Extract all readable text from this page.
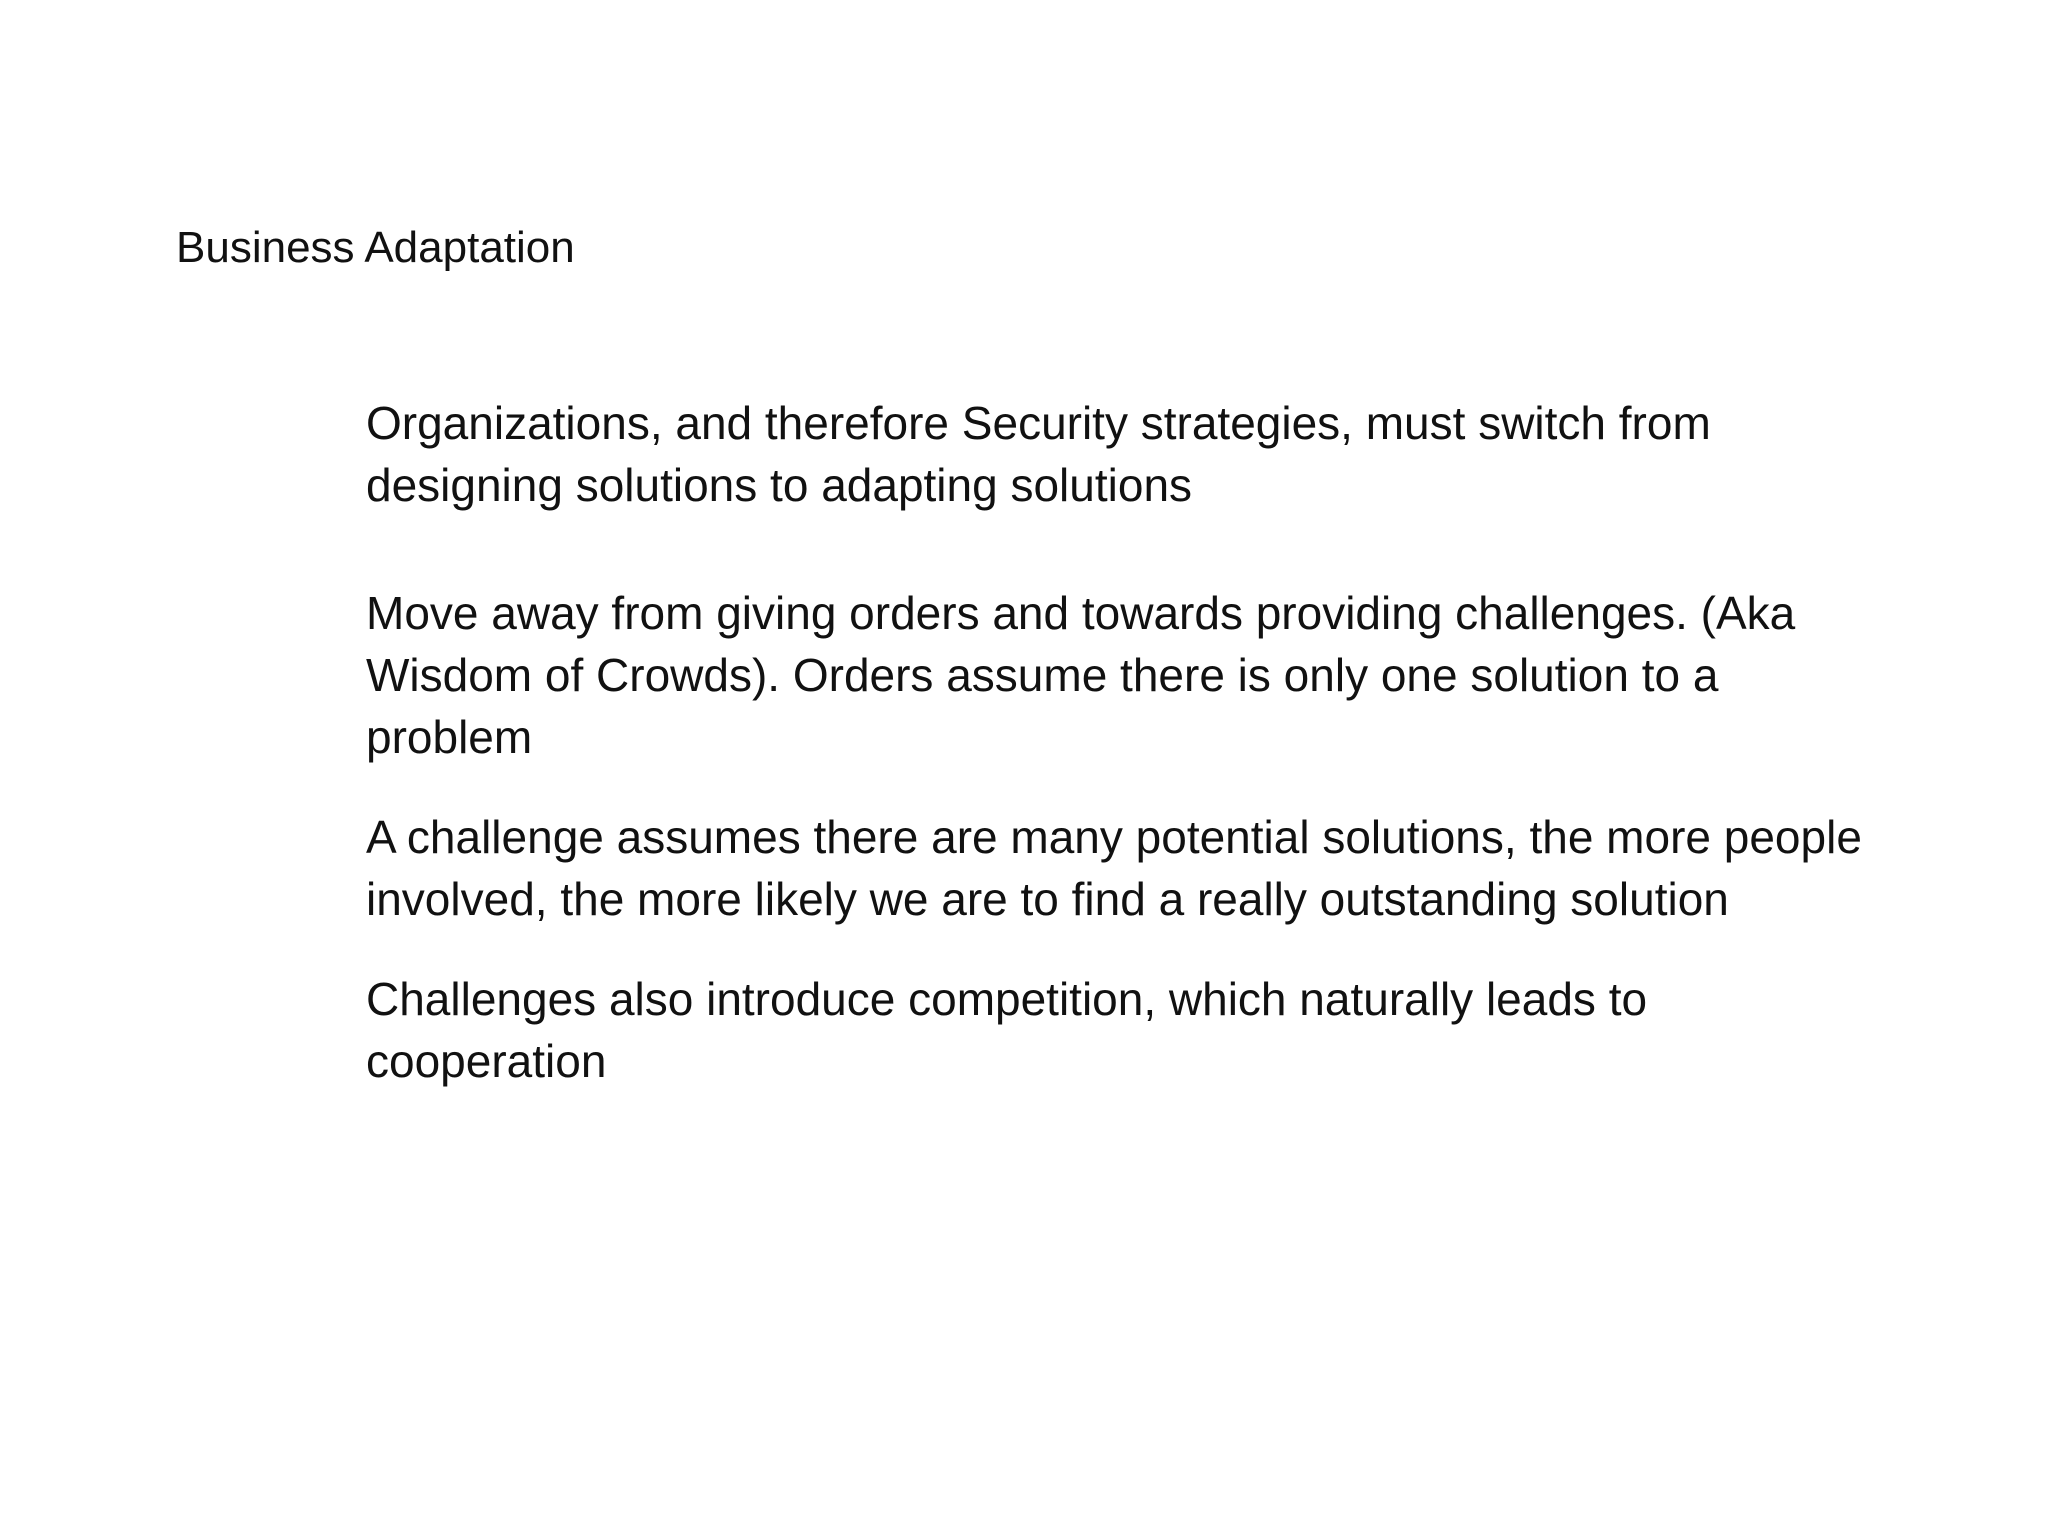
Business Adaptation

Organizations, and therefore Security strategies, must switch from designing solutions to adapting solutions

Move away from giving orders and towards providing challenges. (Aka Wisdom of Crowds). Orders assume there is only one solution to a problem

A challenge assumes there are many potential solutions, the more people involved, the more likely we are to find a really outstanding solution

Challenges also introduce competition, which naturally leads to cooperation
